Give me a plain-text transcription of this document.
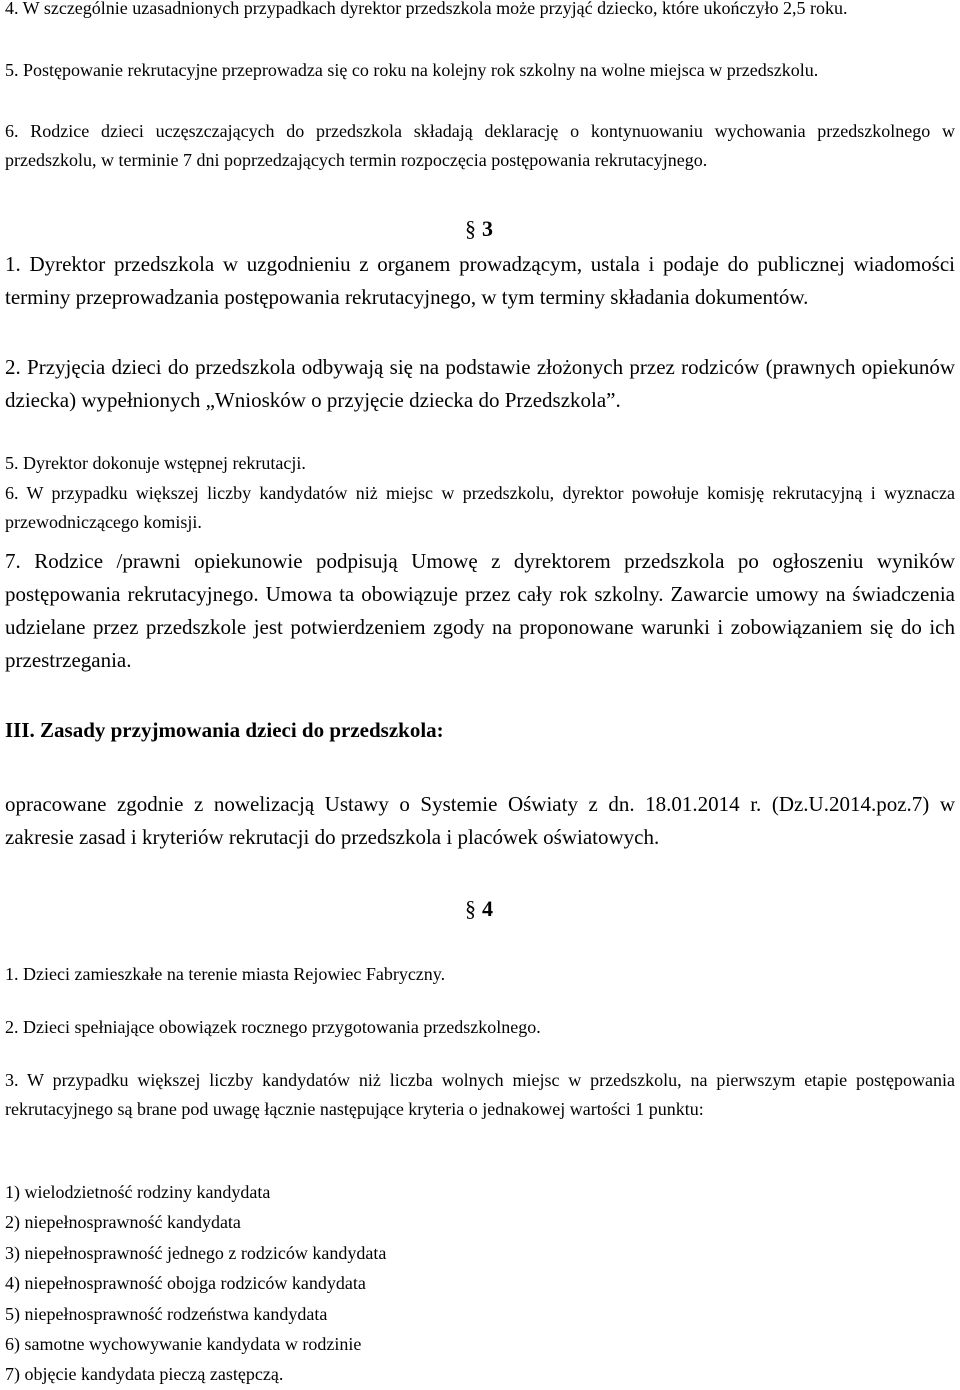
4. W szczególnie uzasadnionych przypadkach dyrektor przedszkola może przyjąć dziecko, które ukończyło 2,5 roku.

5. Postępowanie rekrutacyjne przeprowadza się co roku na kolejny rok szkolny na wolne miejsca w przedszkolu.

6. Rodzice dzieci uczęszczających do przedszkola składają deklarację o kontynuowaniu wychowania przedszkolnego w przedszkolu, w terminie 7 dni poprzedzających termin rozpoczęcia postępowania rekrutacyjnego.

§ 3

1. Dyrektor przedszkola w uzgodnieniu z organem prowadzącym, ustala i podaje do publicznej wiadomości terminy przeprowadzania postępowania rekrutacyjnego, w tym terminy składania dokumentów.

2. Przyjęcia dzieci do przedszkola odbywają się na podstawie złożonych przez rodziców (prawnych opiekunów dziecka) wypełnionych „Wniosków o przyjęcie dziecka do Przedszkola”.

5. Dyrektor dokonuje wstępnej rekrutacji.

6. W przypadku większej liczby kandydatów niż miejsc w przedszkolu, dyrektor powołuje komisję rekrutacyjną i wyznacza przewodniczącego komisji.

7. Rodzice /prawni opiekunowie podpisują Umowę z dyrektorem przedszkola po ogłoszeniu wyników postępowania rekrutacyjnego. Umowa ta obowiązuje przez cały rok szkolny. Zawarcie umowy na świadczenia udzielane przez przedszkole jest potwierdzeniem zgody na proponowane warunki i zobowiązaniem się do ich przestrzegania.

III. Zasady przyjmowania dzieci do przedszkola:

opracowane zgodnie z nowelizacją Ustawy o Systemie Oświaty z dn. 18.01.2014 r. (Dz.U.2014.poz.7) w zakresie zasad i kryteriów rekrutacji do przedszkola i placówek oświatowych.

§ 4

1. Dzieci zamieszkałe na terenie miasta Rejowiec Fabryczny.

2. Dzieci spełniające obowiązek rocznego przygotowania przedszkolnego.

3. W przypadku większej liczby kandydatów niż liczba wolnych miejsc w przedszkolu, na pierwszym etapie postępowania rekrutacyjnego są brane pod uwagę łącznie następujące kryteria o jednakowej wartości 1 punktu:

1) wielodzietność rodziny kandydata

2) niepełnosprawność kandydata

3) niepełnosprawność jednego z rodziców kandydata

4) niepełnosprawność obojga rodziców kandydata

5) niepełnosprawność rodzeństwa kandydata

6) samotne wychowywanie kandydata w rodzinie

7) objęcie kandydata pieczą zastępczą.
